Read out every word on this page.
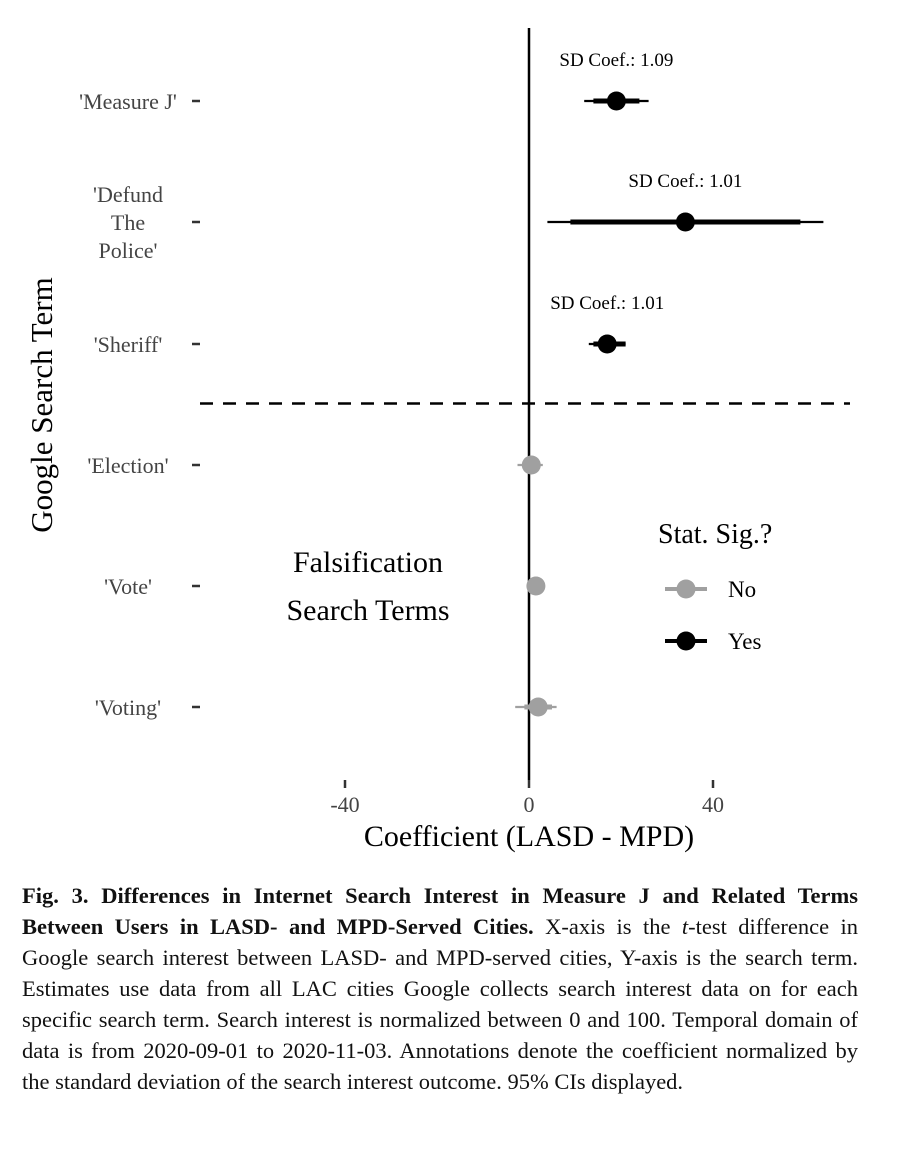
Google Search Term
Coefficient (LASD - MPD)
-40	0	40
'Measure J'
SD Coef.: 1.09
'Defund The Police'
SD Coef.: 1.01
'Sheriff'
SD Coef.: 1.01
'Election'
'Vote'
'Voting'
Falsification
Search Terms
Stat. Sig.?
No
Yes

Fig. 3. Differences in Internet Search Interest in Measure J and Related Terms Between Users in LASD- and MPD-Served Cities. X-axis is the t-test difference in Google search interest between LASD- and MPD-served cities, Y-axis is the search term. Estimates use data from all LAC cities Google collects search interest data on for each specific search term. Search interest is normalized between 0 and 100. Temporal domain of data is from 2020-09-01 to 2020-11-03. Annotations denote the coefficient normalized by the standard deviation of the search interest outcome. 95% CIs displayed.
